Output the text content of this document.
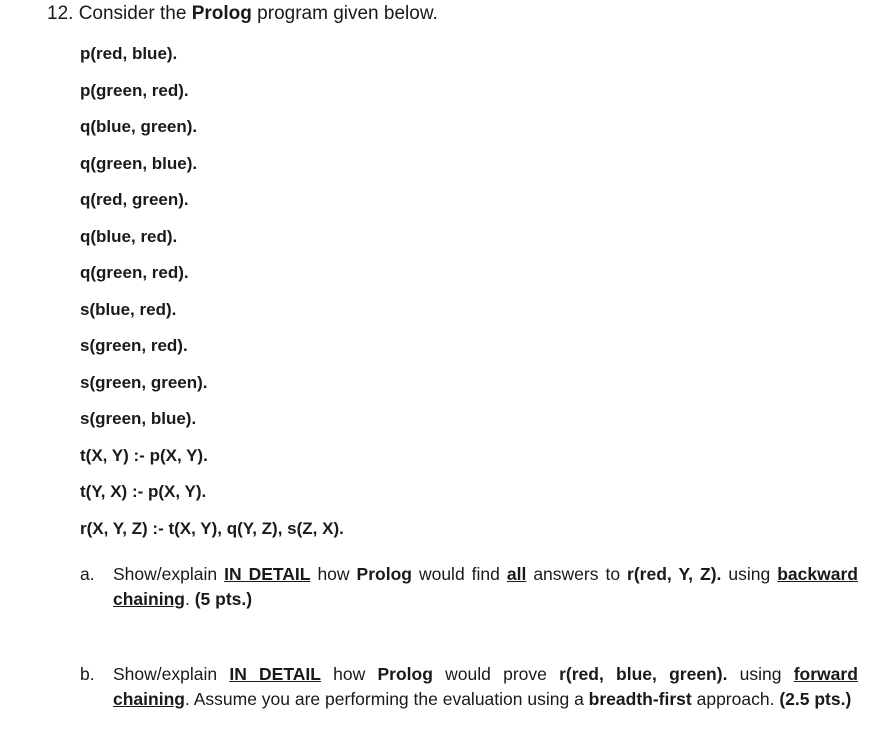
12. Consider the Prolog program given below.
p(red, blue).
p(green, red).
q(blue, green).
q(green, blue).
q(red, green).
q(blue, red).
q(green, red).
s(blue, red).
s(green, red).
s(green, green).
s(green, blue).
t(X, Y) :- p(X, Y).
t(Y, X) :- p(X, Y).
r(X, Y, Z) :- t(X, Y), q(Y, Z), s(Z, X).
a. Show/explain IN DETAIL how Prolog would find all answers to r(red, Y, Z). using backward chaining. (5 pts.)
b. Show/explain IN DETAIL how Prolog would prove r(red, blue, green). using forward chaining. Assume you are performing the evaluation using a breadth-first approach. (2.5 pts.)
